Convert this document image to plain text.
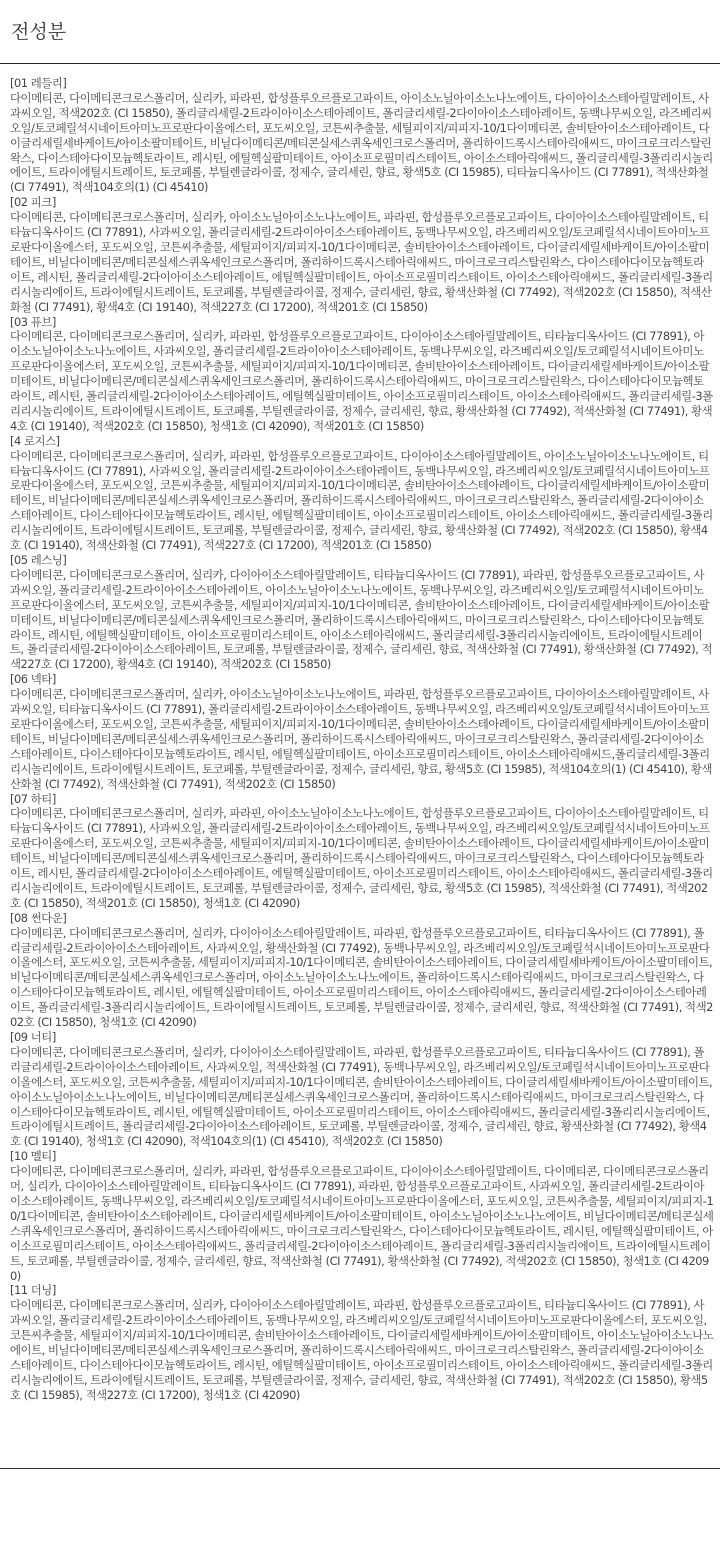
전성분
[01 레들리]
다이메티콘, 다이메티콘크로스폴리머, 실리카, 파라핀, 합성플루오르플로고파이트, 아이소노닐아이소노나노에이트, 다이아이소스테아릴말레이트, 사과씨오일, 적색202호 (CI 15850), 폴리글리세릴-2트라이아이소스테아레이트, 폴리글리세릴-2다이아이소스테아레이트, 동백나무씨오일, 라즈베리씨오일/토코페릴석시네이트아미노프로판다이올에스터, 포도씨오일, 코튼씨추출물, 세틸피이지/피피지-10/1다이메티콘, 솔비탄아이소스테아레이트, 다이글리세릴세바케이트/아이소팔미테이트, 비닐다이메티콘/메티콘실세스퀴옥세인크로스폴리머, 폴리하이드록시스테아릭애씨드, 마이크로크리스탈린왁스, 다이스테아다이모늄헥토라이트, 레시틴, 에틸헥실팔미테이트, 아이소프로필미리스테이트, 아이소스테아릭애씨드, 폴리글리세릴-3폴리리시놀리에이트, 트라이에틸시트레이트, 토코페롤, 부틸렌글라이콜, 정제수, 글리세린, 향료, 황색5호 (CI 15985), 티타늄디옥사이드 (CI 77891), 적색산화철 (CI 77491), 적색104호의(1) (CI 45410)
[02 피크]
다이메티콘, 다이메티콘크로스폴리머, 실리카, 아이소노닐아이소노나노에이트, 파라핀, 합성플루오르플로고파이트, 다이아이소스테아릴말레이트, 티타늄디옥사이드 (CI 77891), 사과씨오일, 폴리글리세릴-2트라이아이소스테아레이트, 동백나무씨오일, 라즈베리씨오일/토코페릴석시네이트아미노프로판다이올에스터, 포도씨오일, 코튼씨추출물, 세틸피이지/피피지-10/1다이메티콘, 솔비탄아이소스테아레이트, 다이글리세릴세바케이트/아이소팔미테이트, 비닐다이메티콘/메티콘실세스퀴옥세인크로스폴리머, 폴리하이드록시스테아릭애씨드, 마이크로크리스탈린왁스, 다이스테아다이모늄헥토라이트, 레시틴, 폴리글리세릴-2다이아이소스테아레이트, 에틸헥실팔미테이트, 아이소프로필미리스테이트, 아이소스테아릭애씨드, 폴리글리세릴-3폴리리시놀리에이트, 트라이에틸시트레이트, 토코페롤, 부틸렌글라이콜, 정제수, 글리세린, 향료, 황색산화철 (CI 77492), 적색202호 (CI 15850), 적색산화철 (CI 77491), 황색4호 (CI 19140), 적색227호 (CI 17200), 적색201호 (CI 15850)
[03 퓨브]
다이메티콘, 다이메티콘크로스폴리머, 실리카, 파라핀, 합성플루오르플로고파이트, 다이아이소스테아릴말레이트, 티타늄디옥사이드 (CI 77891), 아이소노닐아이소노나노에이트, 사과씨오일, 폴리글리세릴-2트라이아이소스테아레이트, 동백나무씨오일, 라즈베리씨오일/토코페릴석시네이트아미노프로판다이올에스터, 포도씨오일, 코튼씨추출물, 세틸피이지/피피지-10/1다이메티콘, 솔비탄아이소스테아레이트, 다이글리세릴세바케이트/아이소팔미테이트, 비닐다이메티콘/메티콘실세스퀴옥세인크로스폴리머, 폴리하이드록시스테아릭애씨드, 마이크로크리스탈린왁스, 다이스테아다이모늄헥토라이트, 레시틴, 폴리글리세릴-2다이아이소스테아레이트, 에틸헥실팔미테이트, 아이소프로필미리스테이트, 아이소스테아릭애씨드, 폴리글리세릴-3폴리리시놀리에이트, 트라이에틸시트레이트, 토코페롤, 부틸렌글라이콜, 정제수, 글리세린, 향료, 황색산화철 (CI 77492), 적색산화철 (CI 77491), 황색4호 (CI 19140), 적색202호 (CI 15850), 청색1호 (CI 42090), 적색201호 (CI 15850)
[4 로지스]
다이메티콘, 다이메티콘크로스폴리머, 실리카, 파라핀, 합성플루오르플로고파이트, 다이아이소스테아릴말레이트, 아이소노닐아이소노나노에이트, 티타늄디옥사이드 (CI 77891), 사과씨오일, 폴리글리세릴-2트라이아이소스테아레이트, 동백나무씨오일, 라즈베리씨오일/토코페릴석시네이트아미노프로판다이올에스터, 포도씨오일, 코튼씨추출물, 세틸피이지/피피지-10/1다이메티콘, 솔비탄아이소스테아레이트, 다이글리세릴세바케이트/아이소팔미테이트, 비닐다이메티콘/메티콘실세스퀴옥세인크로스폴리머, 폴리하이드록시스테아릭애씨드, 마이크로크리스탈린왁스, 폴리글리세릴-2다이아이소스테아레이트, 다이스테아다이모늄헥토라이트, 레시틴, 에틸헥실팔미테이트, 아이소프로필미리스테이트, 아이소스테아릭애씨드, 폴리글리세릴-3폴리리시놀리에이트, 트라이에틸시트레이트, 토코페롤, 부틸렌글라이콜, 정제수, 글리세린, 향료, 황색산화철 (CI 77492), 적색202호 (CI 15850), 황색4호 (CI 19140), 적색산화철 (CI 77491), 적색227호 (CI 17200), 적색201호 (CI 15850)
[05 레스닝]
다이메티콘, 다이메티콘크로스폴리머, 실리카, 다이아이소스테아릴말레이트, 티타늄디옥사이드 (CI 77891), 파라핀, 합성플루오르플로고파이트, 사과씨오일, 폴리글리세릴-2트라이아이소스테아레이트, 아이소노닐아이소노나노에이트, 동백나무씨오일, 라즈베리씨오일/토코페릴석시네이트아미노프로판다이올에스터, 포도씨오일, 코튼씨추출물, 세틸피이지/피피지-10/1다이메티콘, 솔비탄아이소스테아레이트, 다이글리세릴세바케이트/아이소팔미테이트, 비닐다이메티콘/메티콘실세스퀴옥세인크로스폴리머, 폴리하이드록시스테아릭애씨드, 마이크로크리스탈린왁스, 다이스테아다이모늄헥토라이트, 레시틴, 에틸헥실팔미테이트, 아이소프로필미리스테이트, 아이소스테아릭애씨드, 폴리글리세릴-3폴리리시놀리에이트, 트라이에틸시트레이트, 폴리글리세릴-2다이아이소스테아레이트, 토코페롤, 부틸렌글라이콜, 정제수, 글리세린, 향료, 적색산화철 (CI 77491), 황색산화철 (CI 77492), 적색227호 (CI 17200), 황색4호 (CI 19140), 적색202호 (CI 15850)
[06 넥타]
다이메티콘, 다이메티콘크로스폴리머, 실리카, 아이소노닐아이소노나노에이트, 파라핀, 합성플루오르플로고파이트, 다이아이소스테아릴말레이트, 사과씨오일, 티타늄디옥사이드 (CI 77891), 폴리글리세릴-2트라이아이소스테아레이트, 동백나무씨오일, 라즈베리씨오일/토코페릴석시네이트아미노프로판다이올에스터, 포도씨오일, 코튼씨추출물, 세틸피이지/피피지-10/1다이메티콘, 솔비탄아이소스테아레이트, 다이글리세릴세바케이트/아이소팔미테이트, 비닐다이메티콘/메티콘실세스퀴옥세인크로스폴리머, 폴리하이드록시스테아릭애씨드, 마이크로크리스탈린왁스, 폴리글리세릴-2다이아이소스테아레이트, 다이스테아다이모늄헥토라이트, 레시틴, 에틸헥실팔미테이트, 아이소프로필미리스테이트, 아이소스테아릭애씨드,폴리글리세릴-3폴리리시놀리에이트, 트라이에틸시트레이트, 토코페롤, 부틸렌글라이콜, 정제수, 글리세린, 향료, 황색5호 (CI 15985), 적색104호의(1) (CI 45410), 황색산화철 (CI 77492), 적색산화철 (CI 77491), 적색202호 (CI 15850)
[07 하티]
다이메티콘, 다이메티콘크로스폴리머, 실리카, 파라핀, 아이소노닐아이소노나노에이트, 합성플루오르플로고파이트, 다이아이소스테아릴말레이트, 티타늄디옥사이드 (CI 77891), 사과씨오일, 폴리글리세릴-2트라이아이소스테아레이트, 동백나무씨오일, 라즈베리씨오일/토코페릴석시네이트아미노프로판다이올에스터, 포도씨오일, 코튼씨추출물, 세틸피이지/피피지-10/1다이메티콘, 솔비탄아이소스테아레이트, 다이글리세릴세바케이트/아이소팔미테이트, 비닐다이메티콘/메티콘실세스퀴옥세인크로스폴리머, 폴리하이드록시스테아릭애씨드, 마이크로크리스탈린왁스, 다이스테아다이모늄헥토라이트, 레시틴, 폴리글리세릴-2다이아이소스테아레이트, 에틸헥실팔미테이트, 아이소프로필미리스테이트, 아이소스테아릭애씨드, 폴리글리세릴-3폴리리시놀리에이트, 트라이에틸시트레이트, 토코페롤, 부틸렌글라이콜, 정제수, 글리세린, 향료, 황색5호 (CI 15985), 적색산화철 (CI 77491), 적색202호 (CI 15850), 적색201호 (CI 15850), 청색1호 (CI 42090)
[08 썬다운]
다이메티콘, 다이메티콘크로스폴리머, 실리카, 다이아이소스테아릴말레이트, 파라핀, 합성플루오르플로고파이트, 티타늄디옥사이드 (CI 77891), 폴리글리세릴-2트라이아이소스테아레이트, 사과씨오일, 황색산화철 (CI 77492), 동백나무씨오일, 라즈베리씨오일/토코페릴석시네이트아미노프로판다이올에스터, 포도씨오일, 코튼씨추출물, 세틸피이지/피피지-10/1다이메티콘, 솔비탄아이소스테아레이트, 다이글리세릴세바케이트/아이소팔미테이트, 비닐다이메티콘/메티콘실세스퀴옥세인크로스폴리머, 아이소노닐아이소노나노에이트, 폴리하이드록시스테아릭애씨드, 마이크로크리스탈린왁스, 다이스테아다이모늄헥토라이트, 레시틴, 에틸헥실팔미테이트, 아이소프로필미리스테이트, 아이소스테아릭애씨드, 폴리글리세릴-2다이아이소스테아레이트, 폴리글리세릴-3폴리리시놀리에이트, 트라이에틸시트레이트, 토코페롤, 부틸렌글라이콜, 정제수, 글리세린, 향료, 적색산화철 (CI 77491), 적색202호 (CI 15850), 청색1호 (CI 42090)
[09 너티]
다이메티콘, 다이메티콘크로스폴리머, 실리카, 다이아이소스테아릴말레이트, 파라핀, 합성플루오르플로고파이트, 티타늄디옥사이드 (CI 77891), 폴리글리세릴-2트라이아이소스테아레이트, 사과씨오일, 적색산화철 (CI 77491), 동백나무씨오일, 라즈베리씨오일/토코페릴석시네이트아미노프로판다이올에스터, 포도씨오일, 코튼씨추출물, 세틸피이지/피피지-10/1다이메티콘, 솔비탄아이소스테아레이트, 다이글리세릴세바케이트/아이소팔미테이트, 아이소노닐아이소노나노에이트, 비닐다이메티콘/메티콘실세스퀴옥세인크로스폴리머, 폴리하이드록시스테아릭애씨드, 마이크로크리스탈린왁스, 다이스테아다이모늄헥토라이트, 레시틴, 에틸헥실팔미테이트, 아이소프로필미리스테이트, 아이소스테아릭애씨드, 폴리글리세릴-3폴리리시놀리에이트, 트라이에틸시트레이트, 폴리글리세릴-2다이아이소스테아레이트, 토코페롤, 부틸렌글라이콜, 정제수, 글리세린, 향료, 황색산화철 (CI 77492), 황색4호 (CI 19140), 청색1호 (CI 42090), 적색104호의(1) (CI 45410), 적색202호 (CI 15850)
[10 멜티]
다이메티콘, 다이메티콘크로스폴리머, 실리카, 파라핀, 합성플루오르플로고파이트, 다이아이소스테아릴말레이트, 다이메티콘, 다이메티콘크로스폴리머, 실리카, 다이아이소스테아릴말레이트, 티타늄디옥사이드 (CI 77891), 파라핀, 합성플루오르플로고파이트, 사과씨오일, 폴리글리세릴-2트라이아이소스테아레이트, 동백나무씨오일, 라즈베리씨오일/토코페릴석시네이트아미노프로판다이올에스터, 포도씨오일, 코튼씨추출물, 세틸피이지/피피지-10/1다이메티콘, 솔비탄아이소스테아레이트, 다이글리세릴세바케이트/아이소팔미테이트, 아이소노닐아이소노나노에이트, 비닐다이메티콘/메티콘실세스퀴옥세인크로스폴리머, 폴리하이드록시스테아릭애씨드, 마이크로크리스탈린왁스, 다이스테아다이모늄헥토라이트, 레시틴, 에틸헥실팔미테이트, 아이소프로필미리스테이트, 아이소스테아릭애씨드, 폴리글리세릴-2다이아이소스테아레이트, 폴리글리세릴-3폴리리시놀리에이트, 트라이에틸시트레이트, 토코페롤, 부틸렌글라이콜, 정제수, 글리세린, 향료, 적색산화철 (CI 77491), 황색산화철 (CI 77492), 적색202호 (CI 15850), 청색1호 (CI 42090)
[11 더닝]
다이메티콘, 다이메티콘크로스폴리머, 실리카, 다이아이소스테아릴말레이트, 파라핀, 합성플루오르플로고파이트, 티타늄디옥사이드 (CI 77891), 사과씨오일, 폴리글리세릴-2트라이아이소스테아레이트, 동백나무씨오일, 라즈베리씨오일/토코페릴석시네이트아미노프로판다이올에스터, 포도씨오일, 코튼씨추출물, 세틸피이지/피피지-10/1다이메티콘, 솔비탄아이소스테아레이트, 다이글리세릴세바케이트/아이소팔미테이트, 아이소노닐아이소노나노에이트, 비닐다이메티콘/메티콘실세스퀴옥세인크로스폴리머, 폴리하이드록시스테아릭애씨드, 마이크로크리스탈린왁스, 폴리글리세릴-2다이아이소스테아레이트, 다이스테아다이모늄헥토라이트, 레시틴, 에틸헥실팔미테이트, 아이소프로필미리스테이트, 아이소스테아릭애씨드, 폴리글리세릴-3폴리리시놀리에이트, 트라이에틸시트레이트, 토코페롤, 부틸렌글라이콜, 정제수, 글리세린, 향료, 적색산화철 (CI 77491), 적색202호 (CI 15850), 황색5호 (CI 15985), 적색227호 (CI 17200), 청색1호 (CI 42090)
